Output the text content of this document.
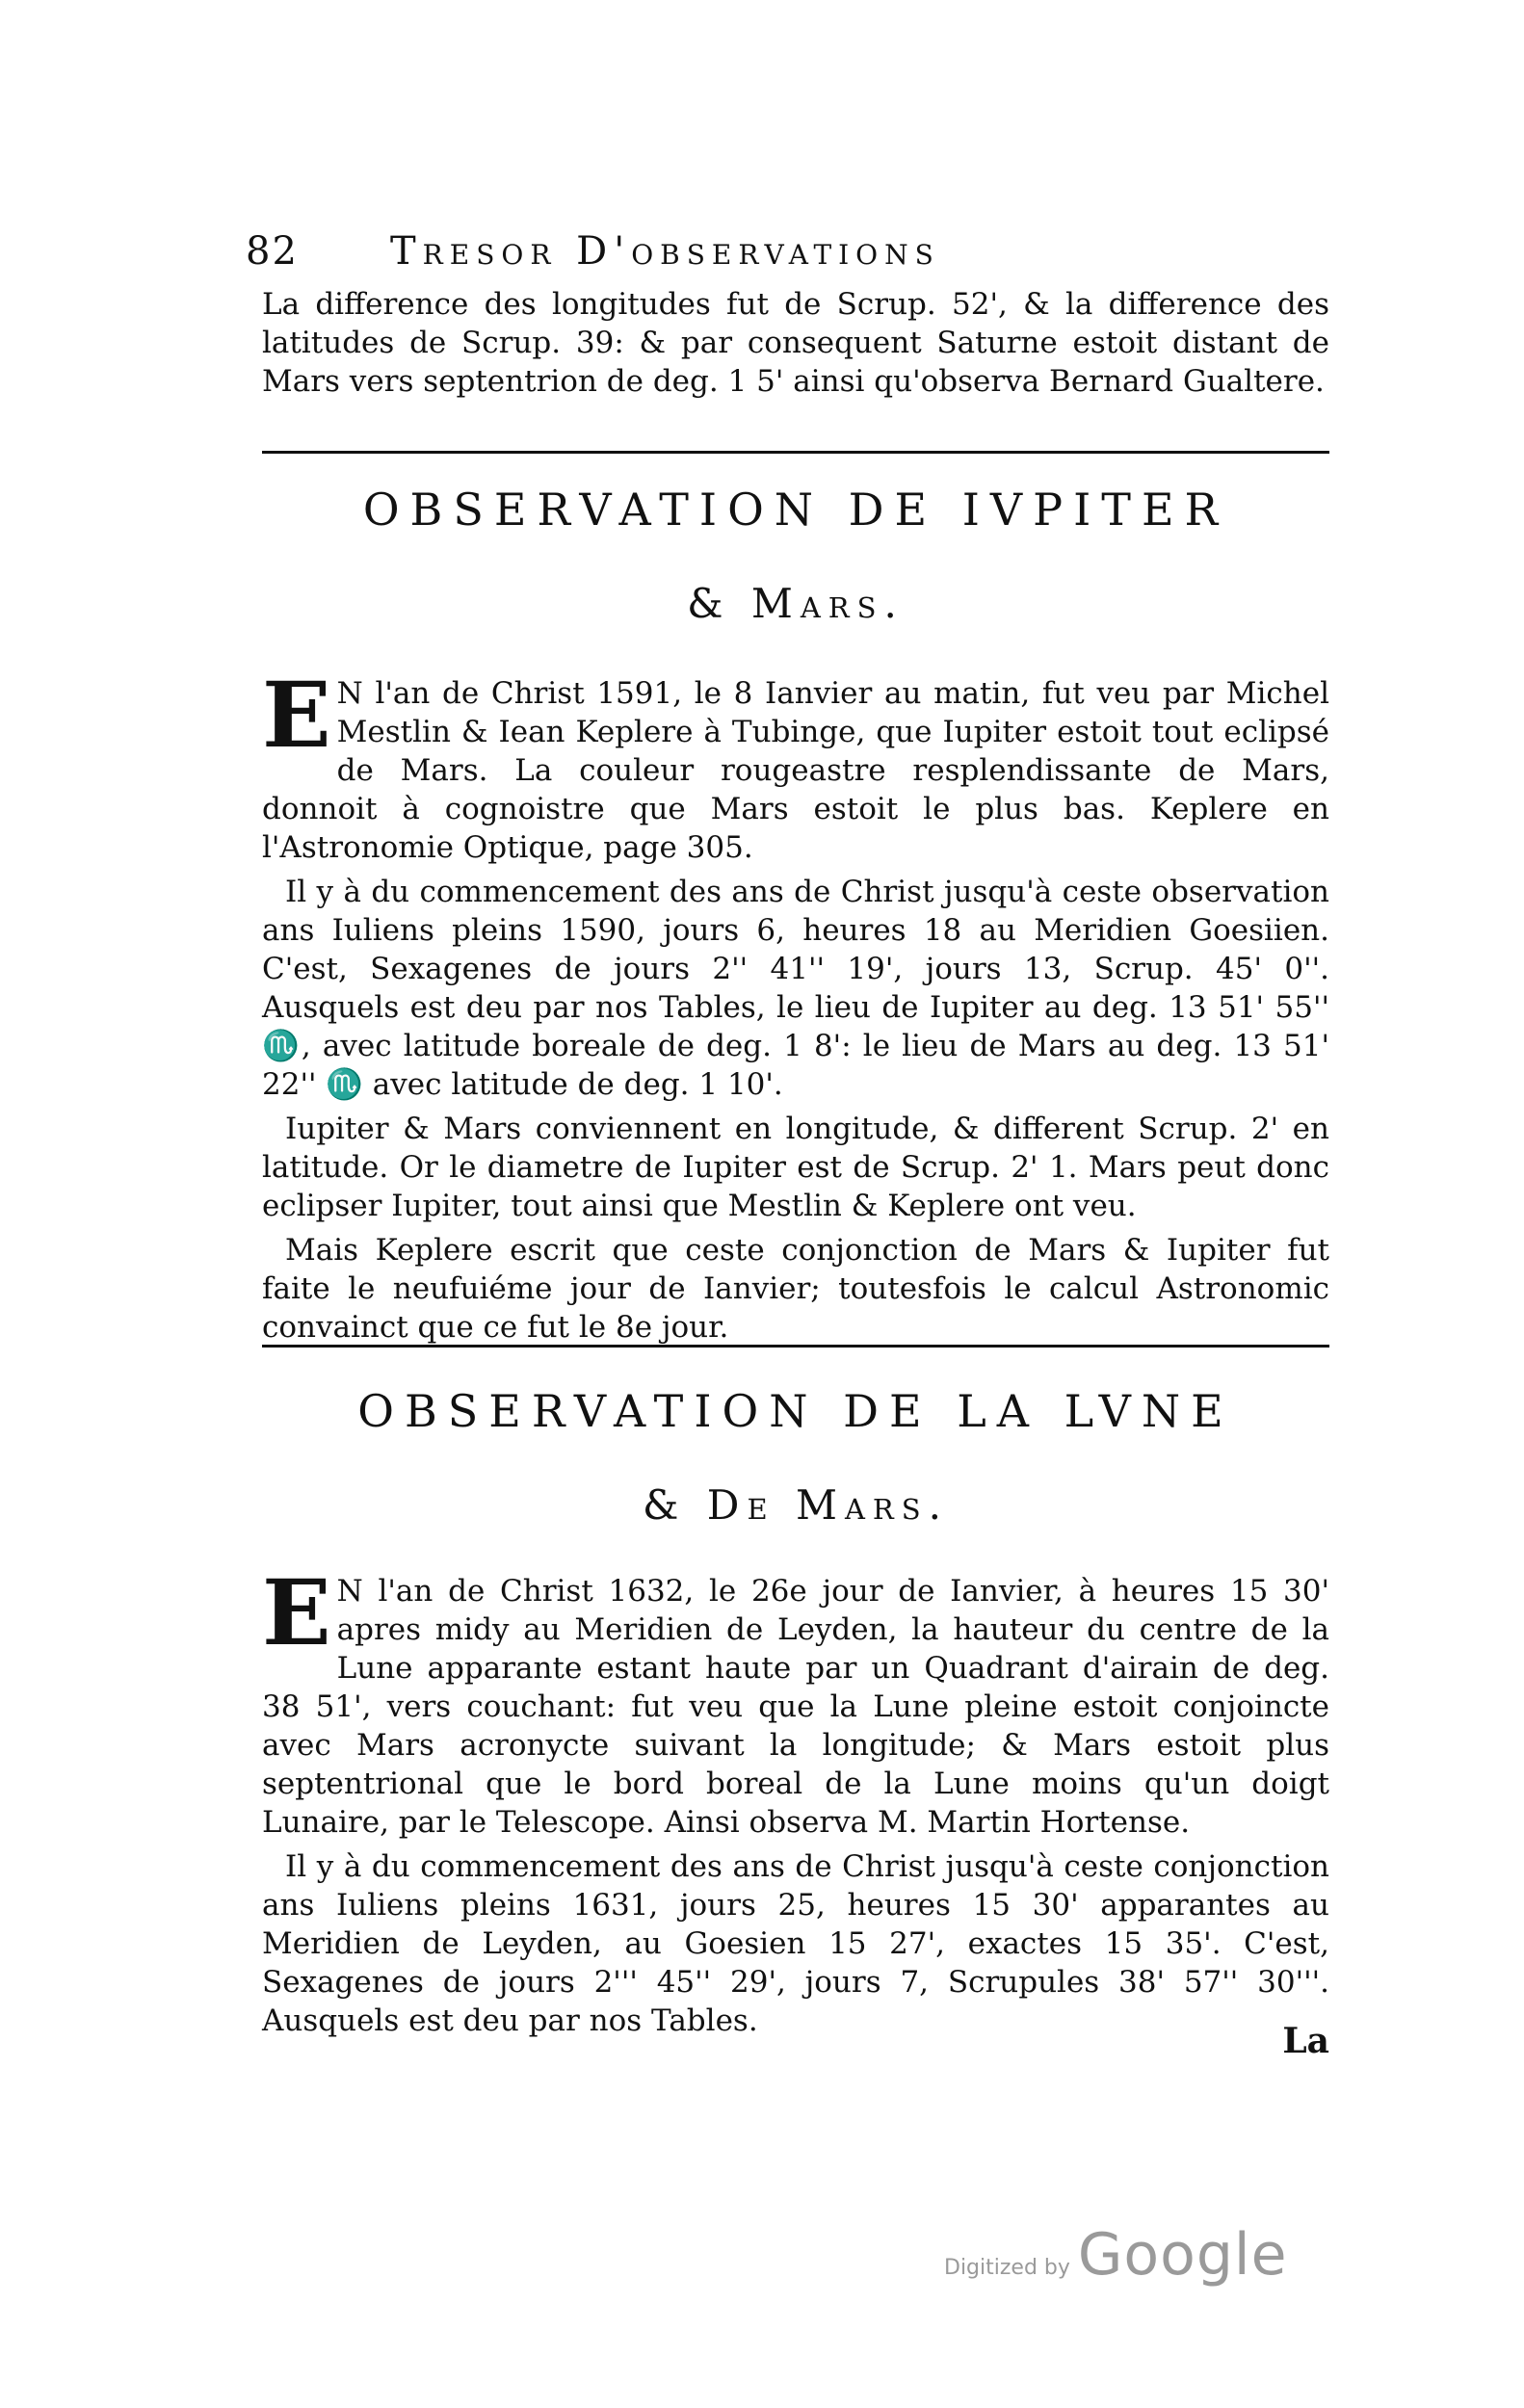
82	Tresor D'observations

La difference des longitudes fut de Scrup. 52', & la difference des latitudes de Scrup. 39: & par consequent Saturne estoit distant de Mars vers septentrion de deg. 1 5' ainsi qu'observa Bernard Gualtere.

OBSERVATION DE IVPITER
& Mars.

E N l'an de Christ 1591, le 8 Ianvier au matin, fut veu par Michel Mestlin & Iean Keplere à Tubinge, que Iupiter estoit tout eclipsé de Mars. La couleur rougeastre resplendissante de Mars, donnoit à cognoistre que Mars estoit le plus bas. Keplere en l'Astronomie Optique, page 305.

Il y à du commencement des ans de Christ jusqu'à ceste observation ans Iuliens pleins 1590, jours 6, heures 18 au Meridien Goesiien. C'est, Sexagenes de jours 2'' 41'' 19', jours 13, Scrup. 45' 0''. Ausquels est deu par nos Tables, le lieu de Iupiter au deg. 13 51' 55'' ♏, avec latitude boreale de deg. 1 8': le lieu de Mars au deg. 13 51' 22'' ♏ avec latitude de deg. 1 10'.

Iupiter & Mars conviennent en longitude, & different Scrup. 2' en latitude. Or le diametre de Iupiter est de Scrup. 2' 1. Mars peut donc eclipser Iupiter, tout ainsi que Mestlin & Keplere ont veu.

Mais Keplere escrit que ceste conjonction de Mars & Iupiter fut faite le neufuiéme jour de Ianvier; toutesfois le calcul Astronomic convainct que ce fut le 8e jour.

OBSERVATION DE LA LVNE
& De Mars.

E N l'an de Christ 1632, le 26e jour de Ianvier, à heures 15 30' apres midy au Meridien de Leyden, la hauteur du centre de la Lune apparante estant haute par un Quadrant d'airain de deg. 38 51', vers couchant: fut veu que la Lune pleine estoit conjoincte avec Mars acronycte suivant la longitude; & Mars estoit plus septentrional que le bord boreal de la Lune moins qu'un doigt Lunaire, par le Telescope. Ainsi observa M. Martin Hortense.

Il y à du commencement des ans de Christ jusqu'à ceste conjonction ans Iuliens pleins 1631, jours 25, heures 15 30' apparantes au Meridien de Leyden, au Goesien 15 27', exactes 15 35'. C'est, Sexagenes de jours 2''' 45'' 29', jours 7, Scrupules 38' 57'' 30'''. Ausquels est deu par nos Tables.	La
Digitized by Google
